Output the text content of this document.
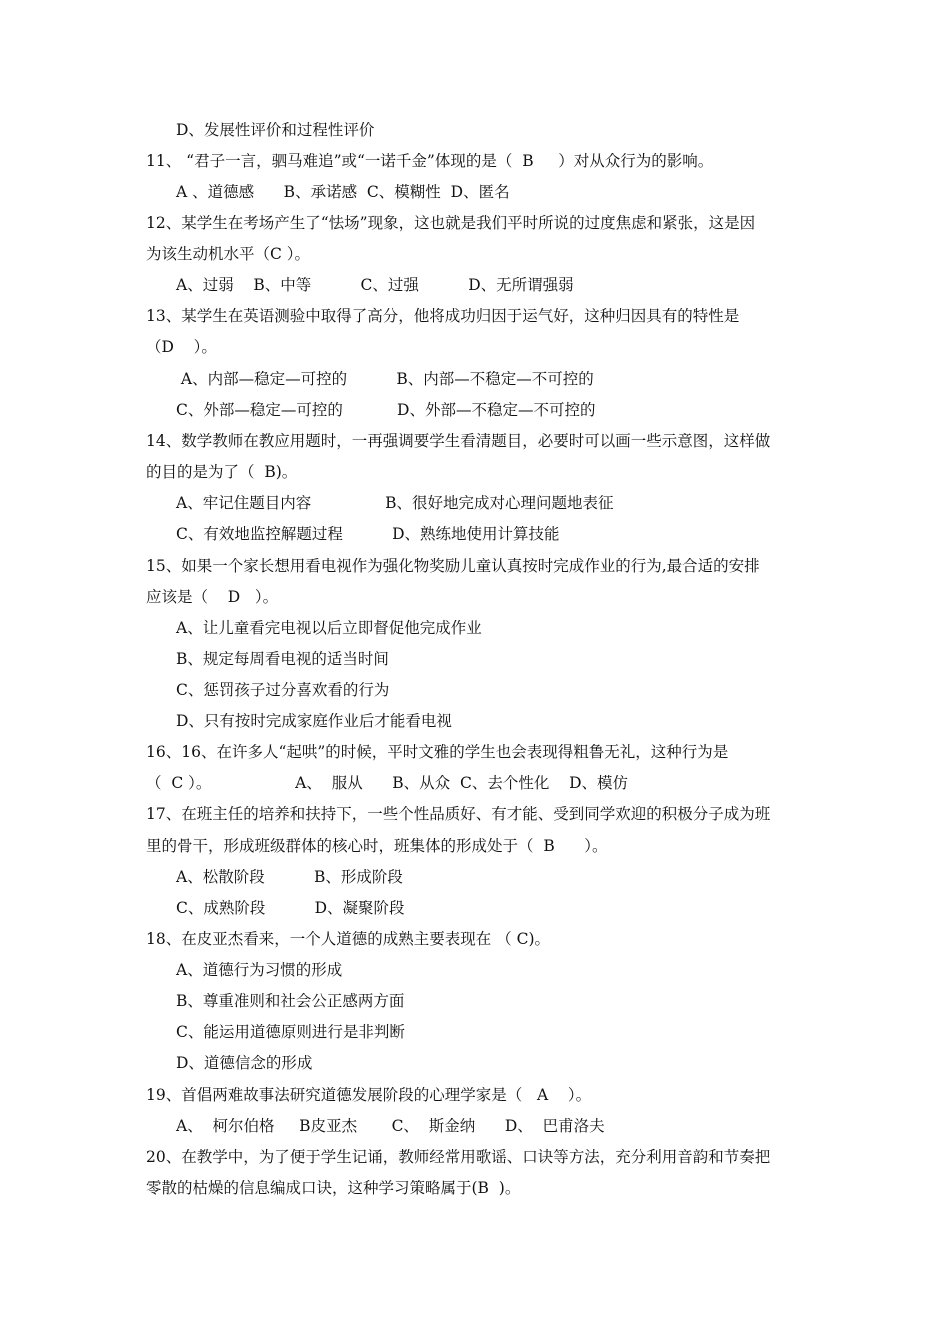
D、发展性评价和过程性评价
11、 “君子一言，驷马难追”或“一诺千金”体现的是（  B     ）对从众行为的影响。
A 、道德感      B、承诺感  C、模糊性  D、匿名
12、某学生在考场产生了“怯场”现象，这也就是我们平时所说的过度焦虑和紧张，这是因
为该生动机水平（C ）。
A、过弱    B、中等          C、过强          D、无所谓强弱
13、某学生在英语测验中取得了高分，他将成功归因于运气好，这种归因具有的特性是
（D    ）。
A、内部—稳定—可控的          B、内部—不稳定—不可控的
C、外部—稳定—可控的           D、外部—不稳定—不可控的
14、数学教师在教应用题时，一再强调要学生看清题目，必要时可以画一些示意图，这样做
的目的是为了（  B)。
A、牢记住题目内容               B、很好地完成对心理问题地表征
C、有效地监控解题过程          D、熟练地使用计算技能
15、如果一个家长想用看电视作为强化物奖励儿童认真按时完成作业的行为,最合适的安排
应该是（    D   ）。
A、让儿童看完电视以后立即督促他完成作业
B、规定每周看电视的适当时间
C、惩罚孩子过分喜欢看的行为
D、只有按时完成家庭作业后才能看电视
16、16、在许多人“起哄”的时候，平时文雅的学生也会表现得粗鲁无礼，这种行为是
（  C ）。                 A、  服从      B、从众  C、去个性化    D、模仿
17、在班主任的培养和扶持下，一些个性品质好、有才能、受到同学欢迎的积极分子成为班
里的骨干，形成班级群体的核心时，班集体的形成处于（  B      ）。
A、松散阶段          B、形成阶段
C、成熟阶段          D、凝聚阶段
18、在皮亚杰看来，一个人道德的成熟主要表现在 （ C)。
A、道德行为习惯的形成
B、尊重准则和社会公正感两方面
C、能运用道德原则进行是非判断
D、道德信念的形成
19、首倡两难故事法研究道德发展阶段的心理学家是（   A    ）。
A、  柯尔伯格     B皮亚杰       C、  斯金纳      D、  巴甫洛夫
20、在教学中，为了便于学生记诵，教师经常用歌谣、口诀等方法，充分利用音韵和节奏把
零散的枯燥的信息编成口诀，这种学习策略属于(B  )。
